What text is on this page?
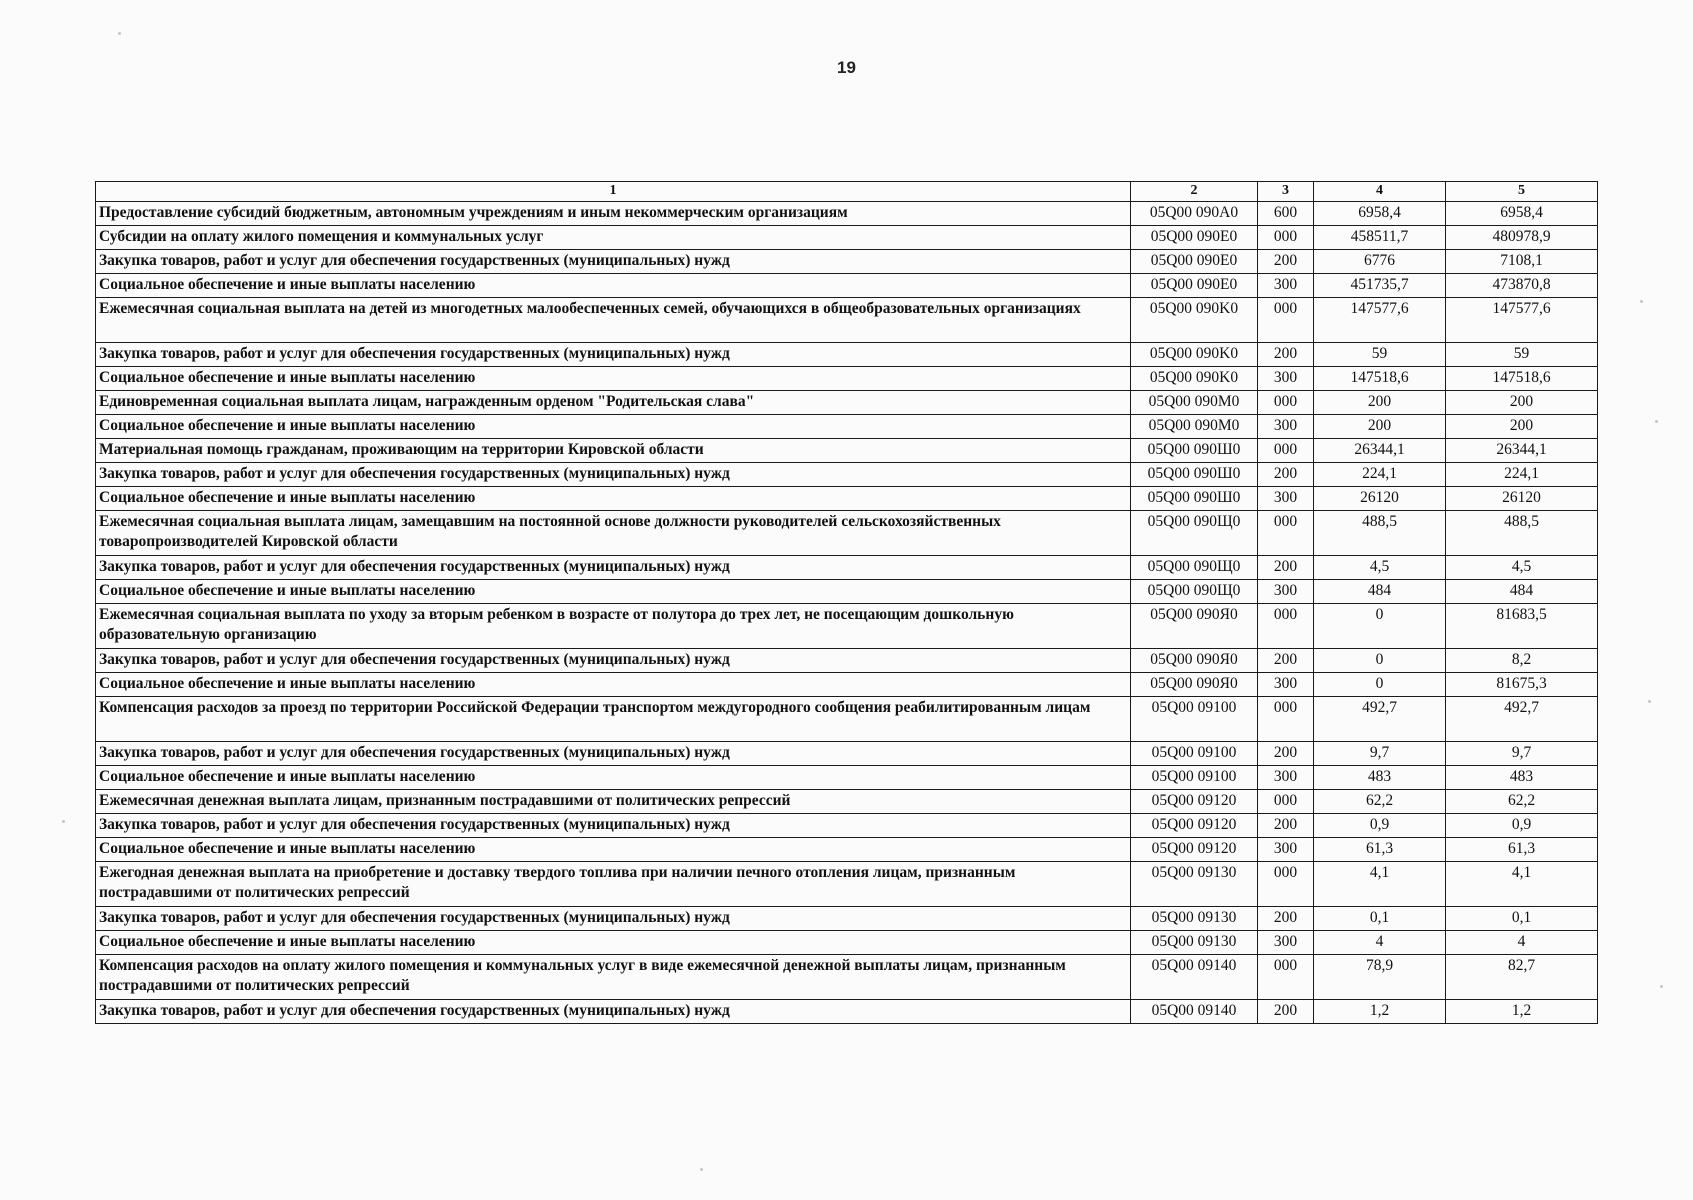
19
1	2	3	4	5
Предоставление субсидий бюджетным, автономным учреждениям и иным некоммерческим организациям	05Q00 090A0	600	6958,4	6958,4
Субсидии на оплату жилого помещения и коммунальных услуг	05Q00 090E0	000	458511,7	480978,9
Закупка товаров, работ и услуг для обеспечения государственных (муниципальных) нужд	05Q00 090E0	200	6776	7108,1
Социальное обеспечение и иные выплаты населению	05Q00 090E0	300	451735,7	473870,8
Ежемесячная социальная выплата на детей из многодетных малообеспеченных семей, обучающихся в общеобразовательных организациях	05Q00 090K0	000	147577,6	147577,6
Закупка товаров, работ и услуг для обеспечения государственных (муниципальных) нужд	05Q00 090K0	200	59	59
Социальное обеспечение и иные выплаты населению	05Q00 090K0	300	147518,6	147518,6
Единовременная социальная выплата лицам, награжденным орденом "Родительская слава"	05Q00 090M0	000	200	200
Социальное обеспечение и иные выплаты населению	05Q00 090M0	300	200	200
Материальная помощь гражданам, проживающим на территории Кировской области	05Q00 090Ш0	000	26344,1	26344,1
Закупка товаров, работ и услуг для обеспечения государственных (муниципальных) нужд	05Q00 090Ш0	200	224,1	224,1
Социальное обеспечение и иные выплаты населению	05Q00 090Ш0	300	26120	26120
Ежемесячная социальная выплата лицам, замещавшим на постоянной основе должности руководителей сельскохозяйственных товаропроизводителей Кировской области	05Q00 090Щ0	000	488,5	488,5
Закупка товаров, работ и услуг для обеспечения государственных (муниципальных) нужд	05Q00 090Щ0	200	4,5	4,5
Социальное обеспечение и иные выплаты населению	05Q00 090Щ0	300	484	484
Ежемесячная социальная выплата по уходу за вторым ребенком в возрасте от полутора до трех лет, не посещающим дошкольную образовательную организацию	05Q00 090Я0	000	0	81683,5
Закупка товаров, работ и услуг для обеспечения государственных (муниципальных) нужд	05Q00 090Я0	200	0	8,2
Социальное обеспечение и иные выплаты населению	05Q00 090Я0	300	0	81675,3
Компенсация расходов за проезд по территории Российской Федерации транспортом междугородного сообщения реабилитированным лицам	05Q00 09100	000	492,7	492,7
Закупка товаров, работ и услуг для обеспечения государственных (муниципальных) нужд	05Q00 09100	200	9,7	9,7
Социальное обеспечение и иные выплаты населению	05Q00 09100	300	483	483
Ежемесячная денежная выплата лицам, признанным пострадавшими от политических репрессий	05Q00 09120	000	62,2	62,2
Закупка товаров, работ и услуг для обеспечения государственных (муниципальных) нужд	05Q00 09120	200	0,9	0,9
Социальное обеспечение и иные выплаты населению	05Q00 09120	300	61,3	61,3
Ежегодная денежная выплата на приобретение и доставку твердого топлива при наличии печного отопления лицам, признанным пострадавшими от политических репрессий	05Q00 09130	000	4,1	4,1
Закупка товаров, работ и услуг для обеспечения государственных (муниципальных) нужд	05Q00 09130	200	0,1	0,1
Социальное обеспечение и иные выплаты населению	05Q00 09130	300	4	4
Компенсация расходов на оплату жилого помещения и коммунальных услуг в виде ежемесячной денежной выплаты лицам, признанным пострадавшими от политических репрессий	05Q00 09140	000	78,9	82,7
Закупка товаров, работ и услуг для обеспечения государственных (муниципальных) нужд	05Q00 09140	200	1,2	1,2
